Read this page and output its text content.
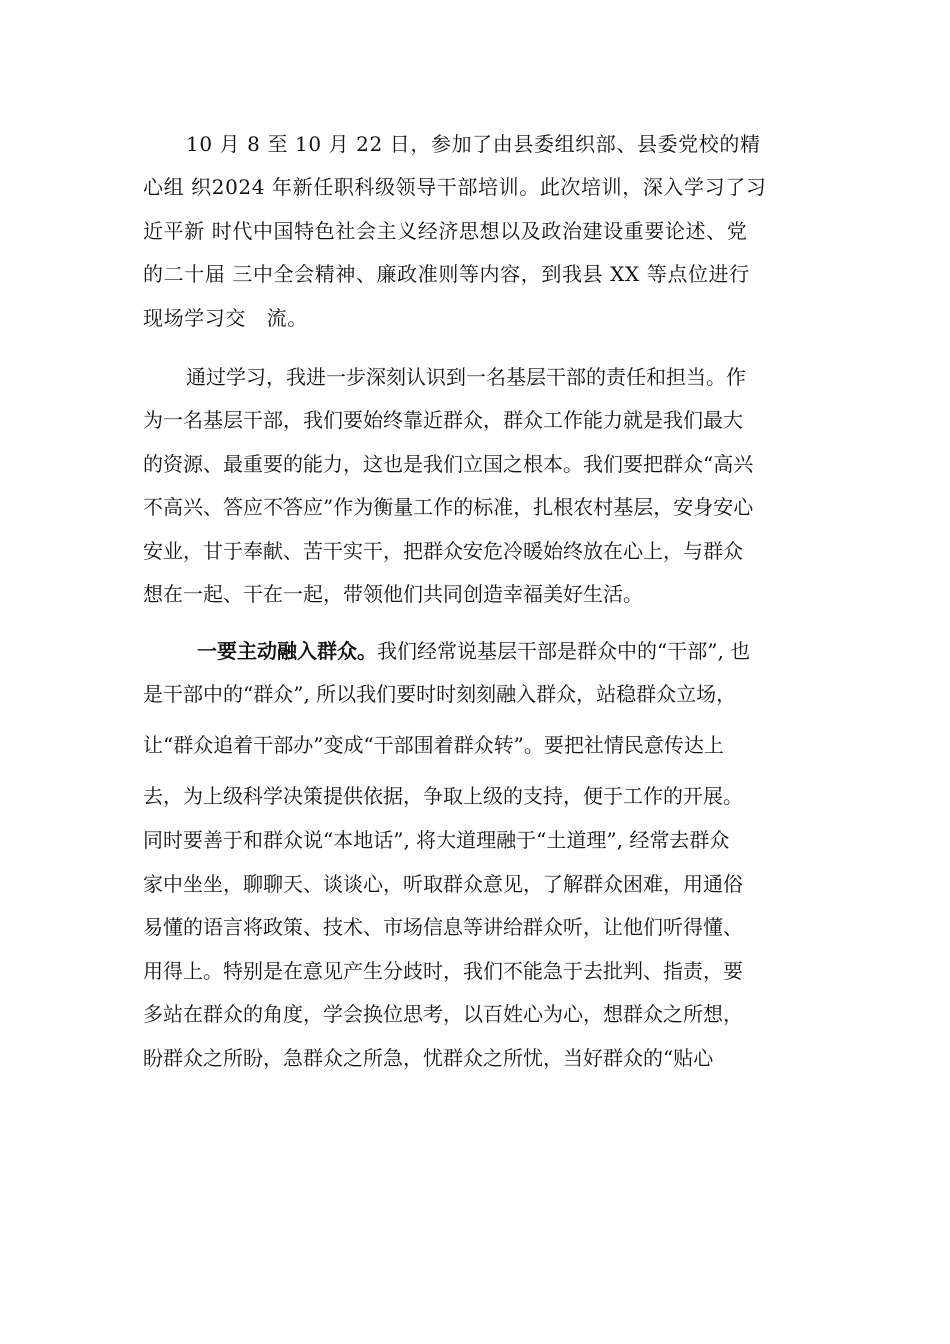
10 月 8 至 10 月 22 日，参加了由县委组织部、县委党校的精
心组 织2024 年新任职科级领导干部培训。此次培训，深入学习了习
近平新 时代中国特色社会主义经济思想以及政治建设重要论述、党
的二十届 三中全会精神、廉政准则等内容，到我县 XX 等点位进行
现场学习交　流。
通过学习，我进一步深刻认识到一名基层干部的责任和担当。作
为一名基层干部，我们要始终靠近群众，群众工作能力就是我们最大
的资源、最重要的能力，这也是我们立国之根本。我们要把群众“高兴
不高兴、答应不答应”作为衡量工作的标准，扎根农村基层，安身安心
安业，甘于奉献、苦干实干，把群众安危冷暖始终放在心上，与群众
想在一起、干在一起，带领他们共同创造幸福美好生活。
一要主动融入群众。我们经常说基层干部是群众中的“干部”, 也
是干部中的“群众”, 所以我们要时时刻刻融入群众，站稳群众立场，
让“群众追着干部办”变成“干部围着群众转”。要把社情民意传达上
去，为上级科学决策提供依据，争取上级的支持，便于工作的开展。
同时要善于和群众说“本地话”, 将大道理融于“土道理”, 经常去群众
家中坐坐，聊聊天、谈谈心，听取群众意见，了解群众困难，用通俗
易懂的语言将政策、技术、市场信息等讲给群众听，让他们听得懂、
用得上。特别是在意见产生分歧时，我们不能急于去批判、指责，要
多站在群众的角度，学会换位思考，以百姓心为心，想群众之所想，
盼群众之所盼，急群众之所急，忧群众之所忧，当好群众的“贴心
